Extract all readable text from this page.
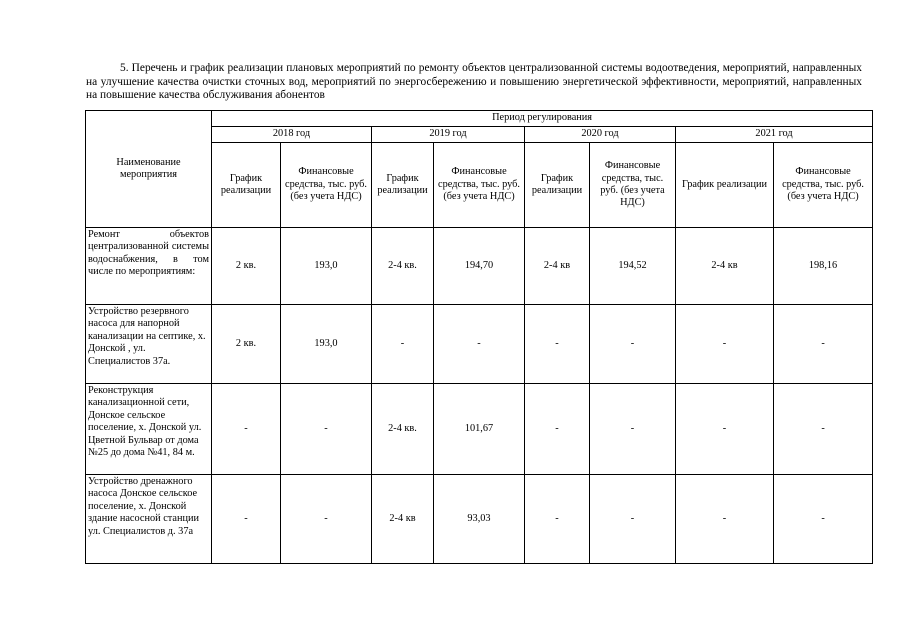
5. Перечень и график реализации плановых мероприятий по ремонту объектов централизованной системы водоотведения, мероприятий, направленных на улучшение качества очистки сточных вод, мероприятий по энергосбережению и повышению энергетической эффективности, мероприятий, направленных на повышение качества обслуживания абонентов
Наименование мероприятия	Период регулирования							
	2018 год		2019 год		2020 год		2021 год	
	График реализации	Финансовые средства, тыс. руб. (без учета НДС)	График реализации	Финансовые средства, тыс. руб. (без учета НДС)	График реализации	Финансовые средства, тыс. руб. (без учета НДС)	График реализации	Финансовые средства, тыс. руб. (без учета НДС)
Ремонт объектов централизованной системы водоснабжения, в том числе по мероприятиям:	2 кв.	193,0	2-4 кв.	194,70	2-4 кв	194,52	2-4 кв	198,16
Устройство резервного насоса для напорной канализации на септике, х. Донской , ул. Специалистов 37а.	2 кв.	193,0	-	-	-	-	-	-
Реконструкция канализационной сети, Донское сельское поселение, х. Донской ул. Цветной Бульвар от дома №25 до дома №41, 84 м.	-	-	2-4 кв.	101,67	-	-	-	-
Устройство дренажного насоса Донское сельское поселение, х. Донской здание насосной станции ул. Специалистов д. 37а	-	-	2-4 кв	93,03	-	-	-	-
